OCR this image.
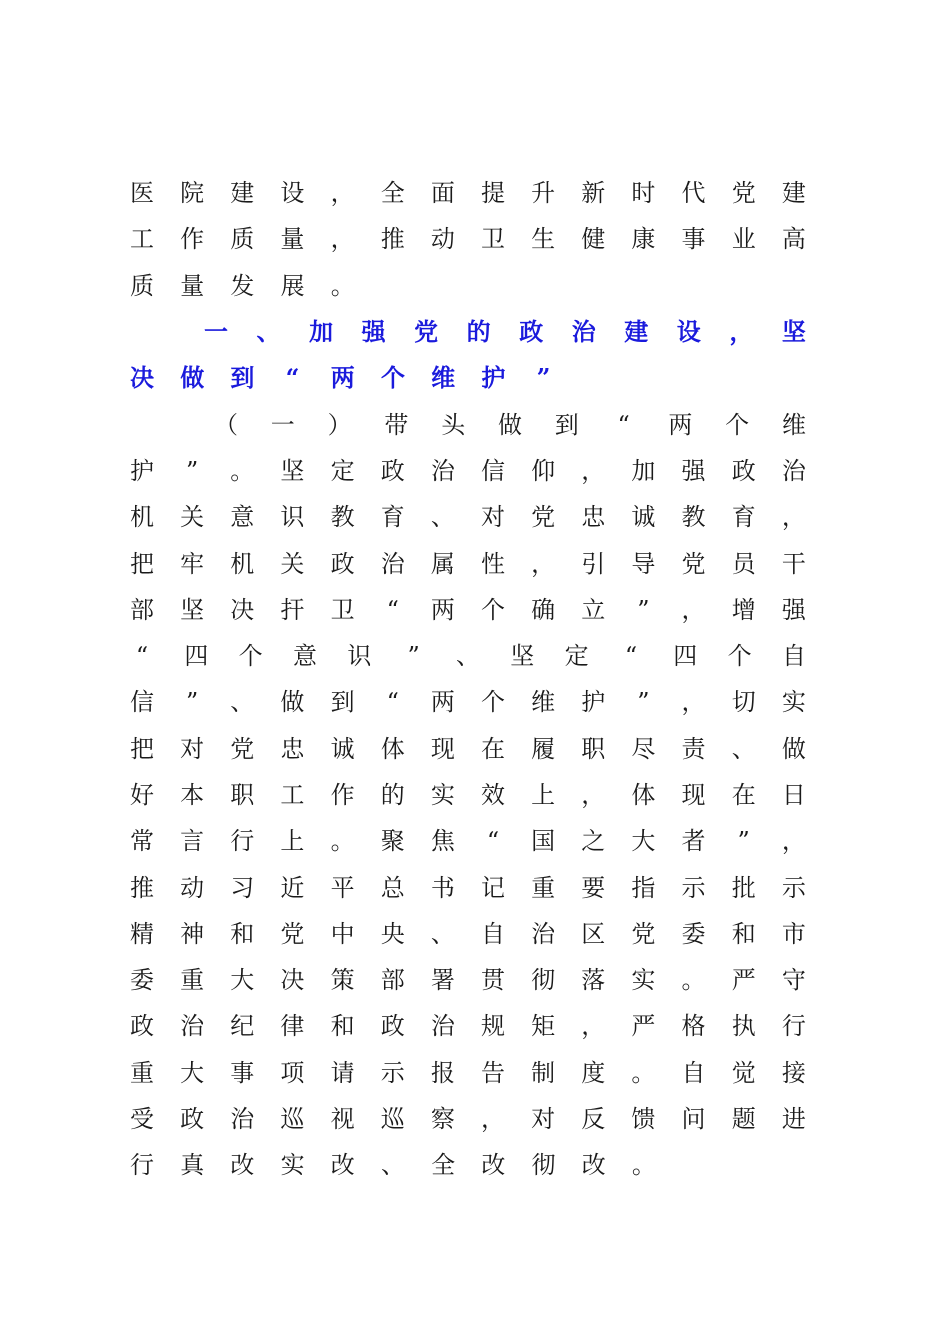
医 院 建 设 ， 全 面 提 升 新 时 代 党 建
工 作 质 量 ， 推 动 卫 生 健 康 事 业 高
质 量 发 展 。
一 、 加 强 党 的 政 治 建 设 ， 坚
决 做 到 “ 两 个 维 护 ”
（ 一 ） 带 头 做 到 “ 两 个 维
护 ” 。 坚 定 政 治 信 仰 ， 加 强 政 治
机 关 意 识 教 育 、 对 党 忠 诚 教 育 ，
把 牢 机 关 政 治 属 性 ， 引 导 党 员 干
部 坚 决 扞 卫 “ 两 个 确 立 ” ， 增 强
“ 四 个 意 识 ” 、 坚 定 “ 四 个 自
信 ” 、 做 到 “ 两 个 维 护 ” ， 切 实
把 对 党 忠 诚 体 现 在 履 职 尽 责 、 做
好 本 职 工 作 的 实 效 上 ， 体 现 在 日
常 言 行 上 。 聚 焦 “ 国 之 大 者 ” ，
推 动 习 近 平 总 书 记 重 要 指 示 批 示
精 神 和 党 中 央 、 自 治 区 党 委 和 市
委 重 大 决 策 部 署 贯 彻 落 实 。 严 守
政 治 纪 律 和 政 治 规 矩 ， 严 格 执 行
重 大 事 项 请 示 报 告 制 度 。 自 觉 接
受 政 治 巡 视 巡 察 ， 对 反 馈 问 题 进
行 真 改 实 改 、 全 改 彻 改 。
